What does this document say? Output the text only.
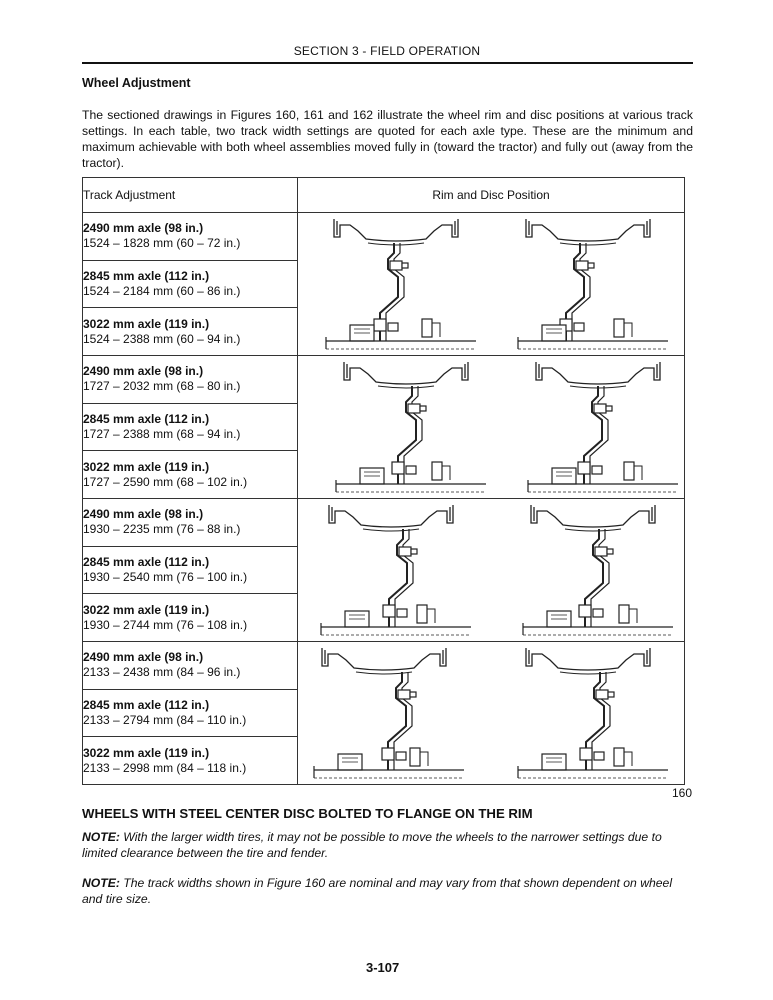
SECTION 3 - FIELD OPERATION
Wheel Adjustment

The sectioned drawings in Figures 160, 161 and 162 illustrate the wheel rim and disc positions at various track settings. In each table, two track width settings are quoted for each axle type. These are the minimum and maximum achievable with both wheel assemblies moved fully in (toward the tractor) and fully out (away from the tractor).

Track Adjustment	Rim and Disc Position

2490 mm axle (98 in.)
1524 – 1828 mm (60 – 72 in.)

2845 mm axle (112 in.)
1524 – 2184 mm (60 – 86 in.)	

3022 mm axle (119 in.)
1524 – 2388 mm (60 – 94 in.)	

2490 mm axle (98 in.)
1727 – 2032 mm (68 – 80 in.)

2845 mm axle (112 in.)
1727 – 2388 mm (68 – 94 in.)	

3022 mm axle (119 in.)
1727 – 2590 mm (68 – 102 in.)	

2490 mm axle (98 in.)
1930 – 2235 mm (76 – 88 in.)

2845 mm axle (112 in.)
1930 – 2540 mm (76 – 100 in.)	

3022 mm axle (119 in.)
1930 – 2744 mm (76 – 108 in.)	

2490 mm axle (98 in.)
2133 – 2438 mm (84 – 96 in.)

2845 mm axle (112 in.)
2133 – 2794 mm (84 – 110 in.)	

3022 mm axle (119 in.)
2133 – 2998 mm (84 – 118 in.)	
160
WHEELS WITH STEEL CENTER DISC BOLTED TO FLANGE ON THE RIM

NOTE: With the larger width tires, it may not be possible to move the wheels to the narrower settings due to limited clearance between the tire and fender.

NOTE: The track widths shown in Figure 160 are nominal and may vary from that shown dependent on wheel and tire size.

3-107
